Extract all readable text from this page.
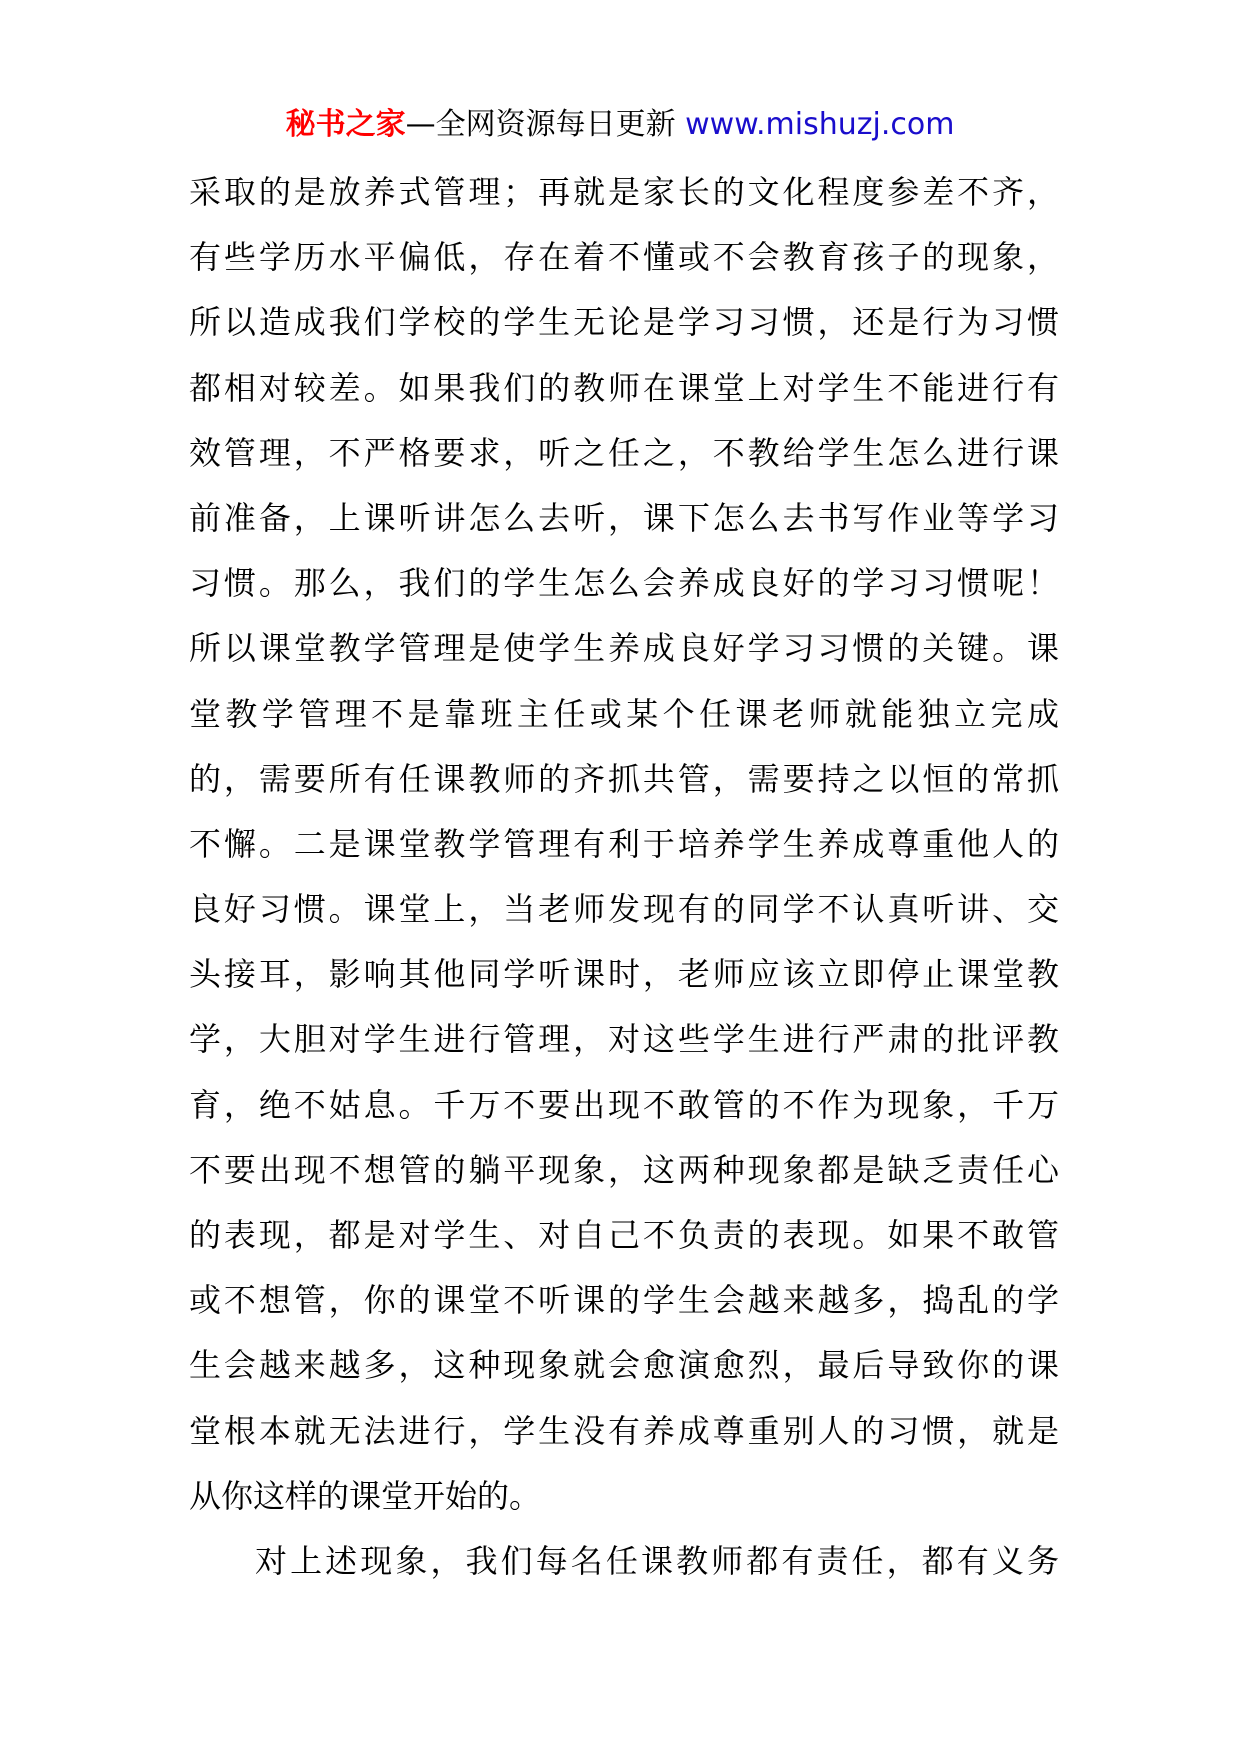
秘书之家—全网资源每日更新 www.mishuzj.com
采取的是放养式管理；再就是家长的文化程度参差不齐，
有些学历水平偏低，存在着不懂或不会教育孩子的现象，
所以造成我们学校的学生无论是学习习惯，还是行为习惯
都相对较差。如果我们的教师在课堂上对学生不能进行有
效管理，不严格要求，听之任之，不教给学生怎么进行课
前准备，上课听讲怎么去听，课下怎么去书写作业等学习
习惯。那么，我们的学生怎么会养成良好的学习习惯呢！
所以课堂教学管理是使学生养成良好学习习惯的关键。课
堂教学管理不是靠班主任或某个任课老师就能独立完成
的，需要所有任课教师的齐抓共管，需要持之以恒的常抓
不懈。二是课堂教学管理有利于培养学生养成尊重他人的
良好习惯。课堂上，当老师发现有的同学不认真听讲、交
头接耳，影响其他同学听课时，老师应该立即停止课堂教
学，大胆对学生进行管理，对这些学生进行严肃的批评教
育，绝不姑息。千万不要出现不敢管的不作为现象，千万
不要出现不想管的躺平现象，这两种现象都是缺乏责任心
的表现，都是对学生、对自己不负责的表现。如果不敢管
或不想管，你的课堂不听课的学生会越来越多，捣乱的学
生会越来越多，这种现象就会愈演愈烈，最后导致你的课
堂根本就无法进行，学生没有养成尊重别人的习惯，就是
从你这样的课堂开始的。
对上述现象，我们每名任课教师都有责任，都有义务
